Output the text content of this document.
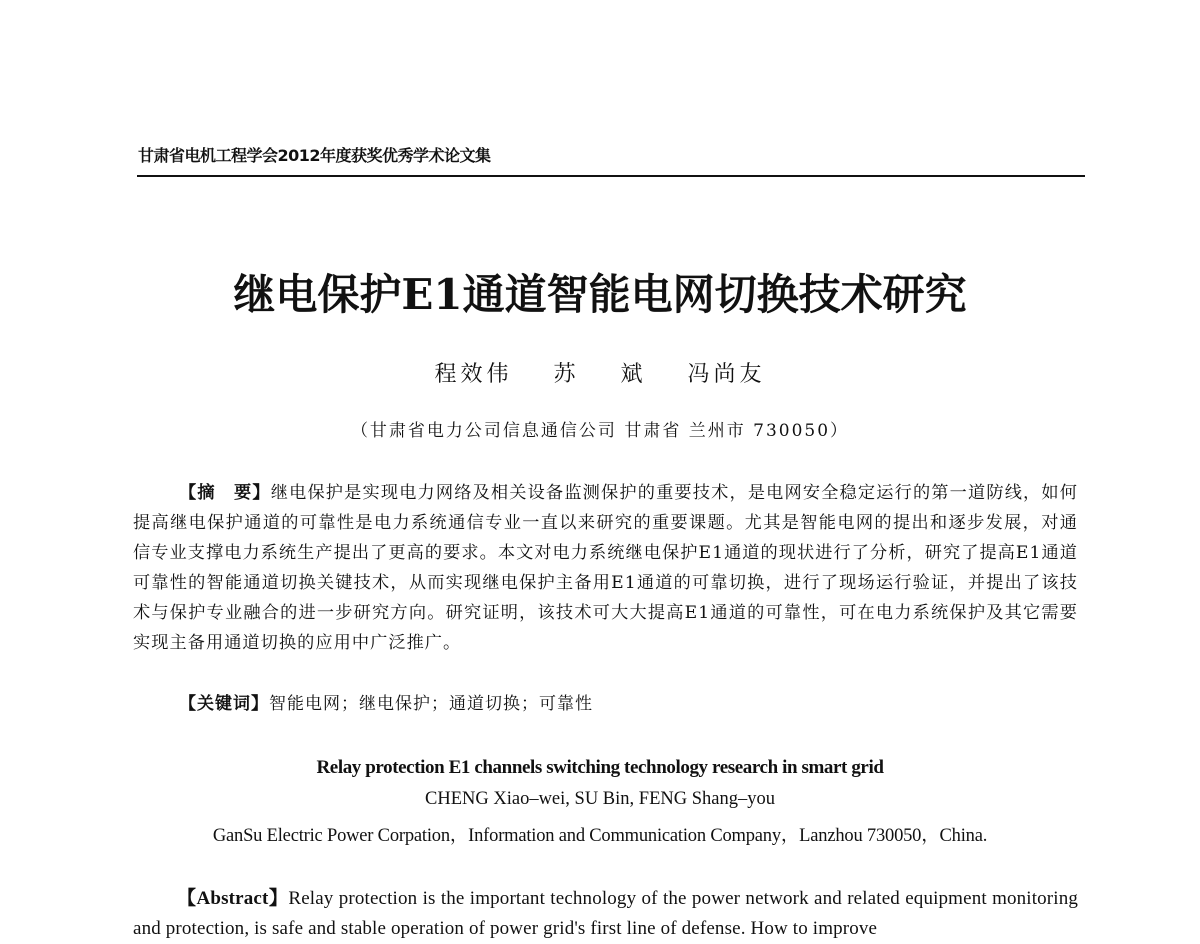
甘肃省电机工程学会2012年度获奖优秀学术论文集
继电保护E1通道智能电网切换技术研究
程效伟 苏 斌 冯尚友
（甘肃省电力公司信息通信公司 甘肃省 兰州市 730050）
【摘　要】继电保护是实现电力网络及相关设备监测保护的重要技术，是电网安全稳定运行的第一道防线，如何提高继电保护通道的可靠性是电力系统通信专业一直以来研究的重要课题。尤其是智能电网的提出和逐步发展，对通信专业支撑电力系统生产提出了更高的要求。本文对电力系统继电保护E1通道的现状进行了分析，研究了提高E1通道可靠性的智能通道切换关键技术，从而实现继电保护主备用E1通道的可靠切换，进行了现场运行验证，并提出了该技术与保护专业融合的进一步研究方向。研究证明，该技术可大大提高E1通道的可靠性，可在电力系统保护及其它需要实现主备用通道切换的应用中广泛推广。
【关键词】智能电网；继电保护；通道切换；可靠性
Relay protection E1 channels switching technology research in smart grid
CHENG Xiao–wei, SU Bin, FENG Shang–you
GanSu Electric Power Corpation，Information and Communication Company，Lanzhou 730050，China.
【Abstract】Relay protection is the important technology of the power network and related equipment monitoring and protection, is safe and stable operation of power grid's first line of defense. How to improve
